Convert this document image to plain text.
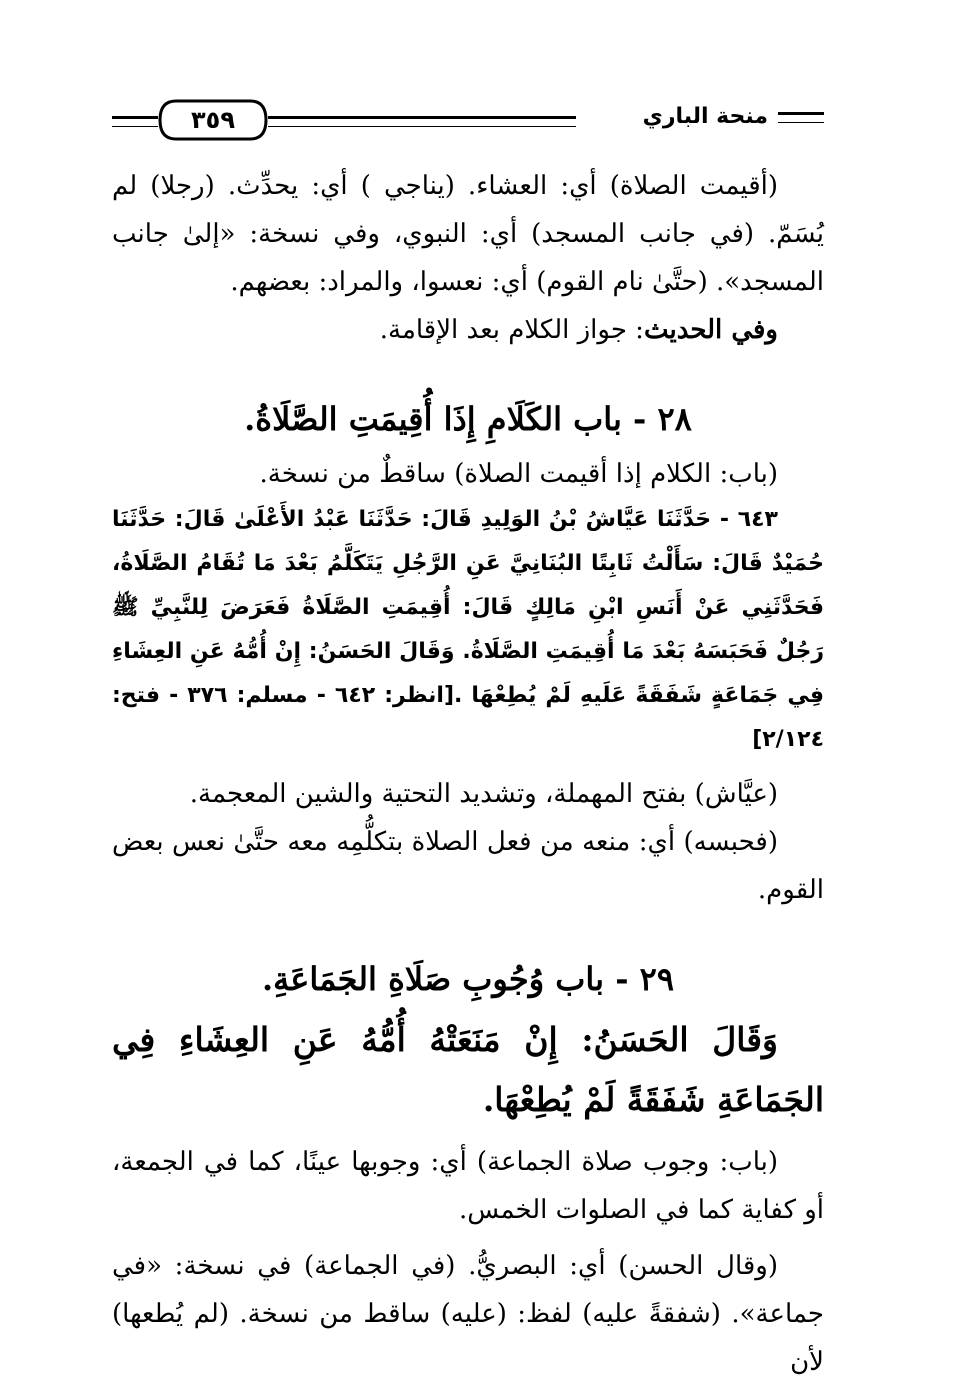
منحة الباري
٣٥٩

(أقيمت الصلاة) أي: العشاء. (يناجي ) أي: يحدِّث. (رجلا) لم يُسَمّ. (في جانب المسجد) أي: النبوي، وفي نسخة: «إلىٰ جانب المسجد». (حتَّىٰ نام القوم) أي: نعسوا، والمراد: بعضهم.

وفي الحديث: جواز الكلام بعد الإقامة.

٢٨ - باب الكَلَامِ إِذَا أُقِيمَتِ الصَّلَاةُ.

(باب: الكلام إذا أقيمت الصلاة) ساقطٌ من نسخة.

٦٤٣ - حَدَّثَنَا عَيَّاشُ بْنُ الوَلِيدِ قَالَ: حَدَّثَنَا عَبْدُ الأَعْلَىٰ قَالَ: حَدَّثَنَا حُمَيْدٌ قَالَ: سَأَلْتُ ثَابِتًا البُنَانِيَّ عَنِ الرَّجُلِ يَتَكَلَّمُ بَعْدَ مَا تُقَامُ الصَّلَاةُ، فَحَدَّثَنِي عَنْ أَنَسِ ابْنِ مَالِكٍ قَالَ: أُقِيمَتِ الصَّلَاةُ فَعَرَضَ لِلنَّبِيِّ ﷺ رَجُلٌ فَحَبَسَهُ بَعْدَ مَا أُقِيمَتِ الصَّلَاةُ. وَقَالَ الحَسَنُ: إِنْ أُمُّهُ عَنِ العِشَاءِ فِي جَمَاعَةٍ شَفَقَةً عَلَيهِ لَمْ يُطِعْهَا .[انظر: ٦٤٢ - مسلم: ٣٧٦ - فتح: ٢/١٢٤]

(عيَّاش) بفتح المهملة، وتشديد التحتية والشين المعجمة.

(فحبسه) أي: منعه من فعل الصلاة بتكلُّمِه معه حتَّىٰ نعس بعض القوم.

٢٩ - باب وُجُوبِ صَلَاةِ الجَمَاعَةِ.

وَقَالَ الحَسَنُ: إِنْ مَنَعَتْهُ أُمُّهُ عَنِ العِشَاءِ فِي الجَمَاعَةِ شَفَقَةً لَمْ يُطِعْهَا.

(باب: وجوب صلاة الجماعة) أي: وجوبها عينًا، كما في الجمعة، أو كفاية كما في الصلوات الخمس.

(وقال الحسن) أي: البصريُّ. (في الجماعة) في نسخة: «في جماعة». (شفقةً عليه) لفظ: (عليه) ساقط من نسخة. (لم يُطعها) لأن
